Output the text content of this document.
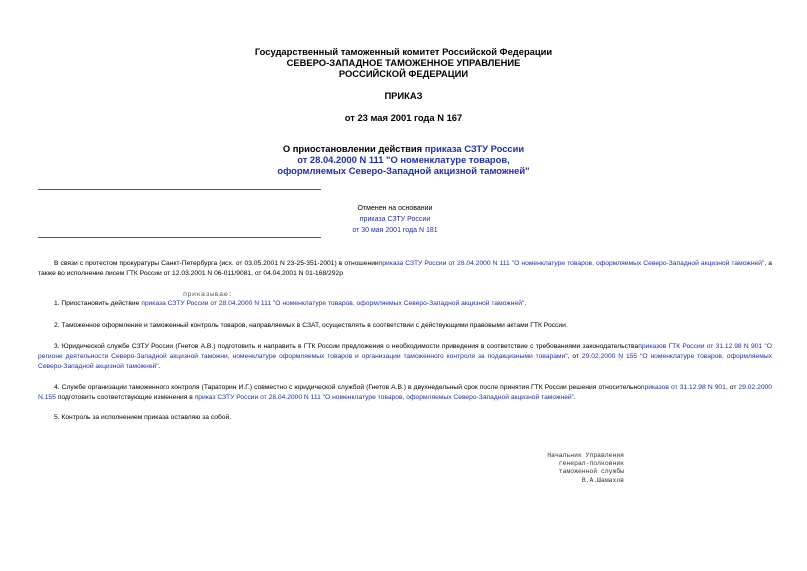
Государственный таможенный комитет Российской Федерации
СЕВЕРО-ЗАПАДНОЕ ТАМОЖЕННОЕ УПРАВЛЕНИЕ
РОССИЙСКОЙ ФЕДЕРАЦИИ
ПРИКАЗ
от 23 мая 2001 года N 167
О приостановлении действия приказа СЗТУ России
от 28.04.2000 N 111 "О номенклатуре товаров,
оформляемых Северо-Западной акцизной таможней"
Отменен на основании
приказа СЗТУ России
от 30 мая 2001 года N 181
В связи с протестом прокуратуры Санкт-Петербурга (исх. от 03.05.2001 N 23-25-351-2001) в отношенииприказа СЗТУ России от 28.04.2000 N 111 "О номенклатуре товаров, оформляемых Северо-Западной акцизной таможней", а также во исполнение писем ГТК России от 12.03.2001 N 06-011/9081, от 04.04.2001 N 01-168/292р
приказываю:
1. Приостановить действие приказа СЗТУ России от 28.04.2000 N 111 "О номенклатуре товаров, оформляемых Северо-Западной акцизной таможней".
2. Таможенное оформление и таможенный контроль товаров, направляемых в СЗАТ, осуществлять в соответствии с действующими правовыми актами ГТК России.
3. Юридической службе СЗТУ России (Гнетов А.В.) подготовить и направить в ГТК России предложения о необходимости приведения в соответствие с требованиями законодательстваприказов ГТК России от 31.12.98 N 901 "О регионе деятельности Северо-Западной акцизной таможни, номенклатуре оформляемых товаров и организации таможенного контроля за подакцизными товарами", от 29.02.2000 N 155 "О номенклатуре товаров, оформляемых Северо-Западной акцизной таможней".
4. Службе организации таможенного контроля (Тараторин И.Г.) совместно с юридической службой (Гнетов А.В.) в двухнедельный срок после принятия ГТК России решения относительноприказов от 31.12.98 N 901, от 29.02.2000 N.155 подготовить соответствующие изменения в приказ СЗТУ России от 28.04.2000 N 111 "О номенклатуре товаров, оформляемых Северо-Западной акцизной таможней".
5. Контроль за исполнением приказа оставляю за собой.
Начальник Управления
генерал-полковник
таможенной службы
В.А.Шамахов
